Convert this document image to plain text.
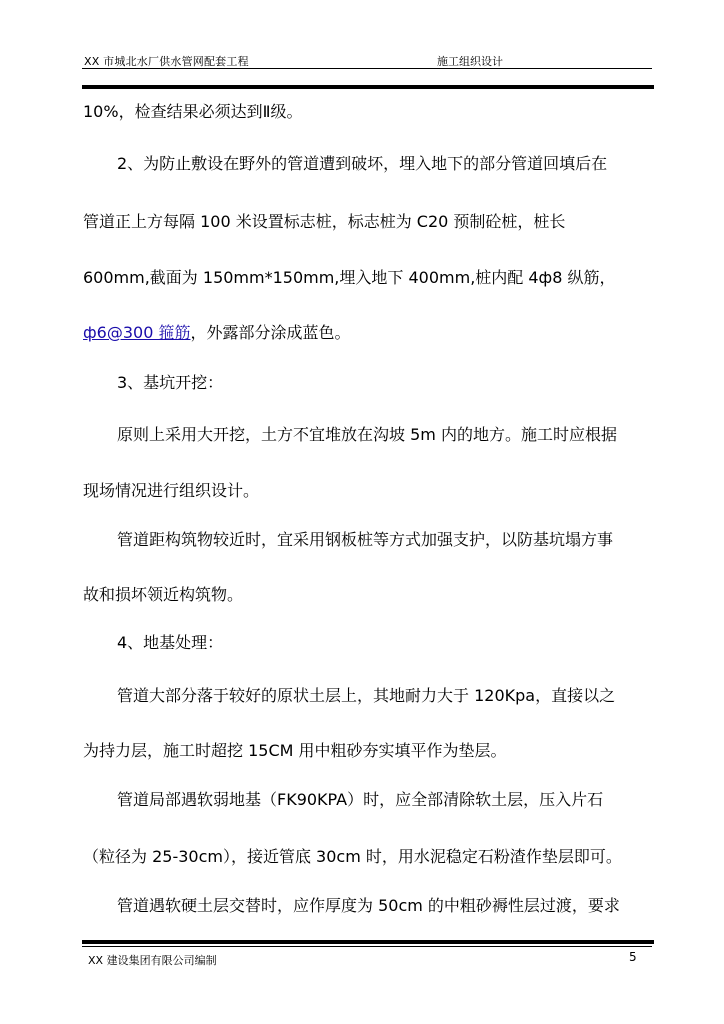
XX 市城北水厂供水管网配套工程	施工组织设计
10%，检查结果必须达到Ⅱ级。
2、为防止敷设在野外的管道遭到破坏，埋入地下的部分管道回填后在
管道正上方每隔 100 米设置标志桩，标志桩为 C20 预制砼桩，桩长
600mm,截面为 150mm*150mm,埋入地下 400mm,桩内配 4ф8 纵筋，
ф6@300 箍筋，外露部分涂成蓝色。
3、基坑开挖：
原则上采用大开挖，土方不宜堆放在沟坡 5m 内的地方。施工时应根据
现场情况进行组织设计。
管道距构筑物较近时，宜采用钢板桩等方式加强支护，以防基坑塌方事
故和损坏领近构筑物。
4、地基处理：
管道大部分落于较好的原状土层上，其地耐力大于 120Kpa，直接以之
为持力层，施工时超挖 15CM 用中粗砂夯实填平作为垫层。
管道局部遇软弱地基（FK90KPA）时，应全部清除软土层，压入片石
（粒径为 25-30cm），接近管底 30cm 时，用水泥稳定石粉渣作垫层即可。
管道遇软硬土层交替时，应作厚度为 50cm 的中粗砂褥性层过渡，要求
XX 建设集团有限公司编制	5
